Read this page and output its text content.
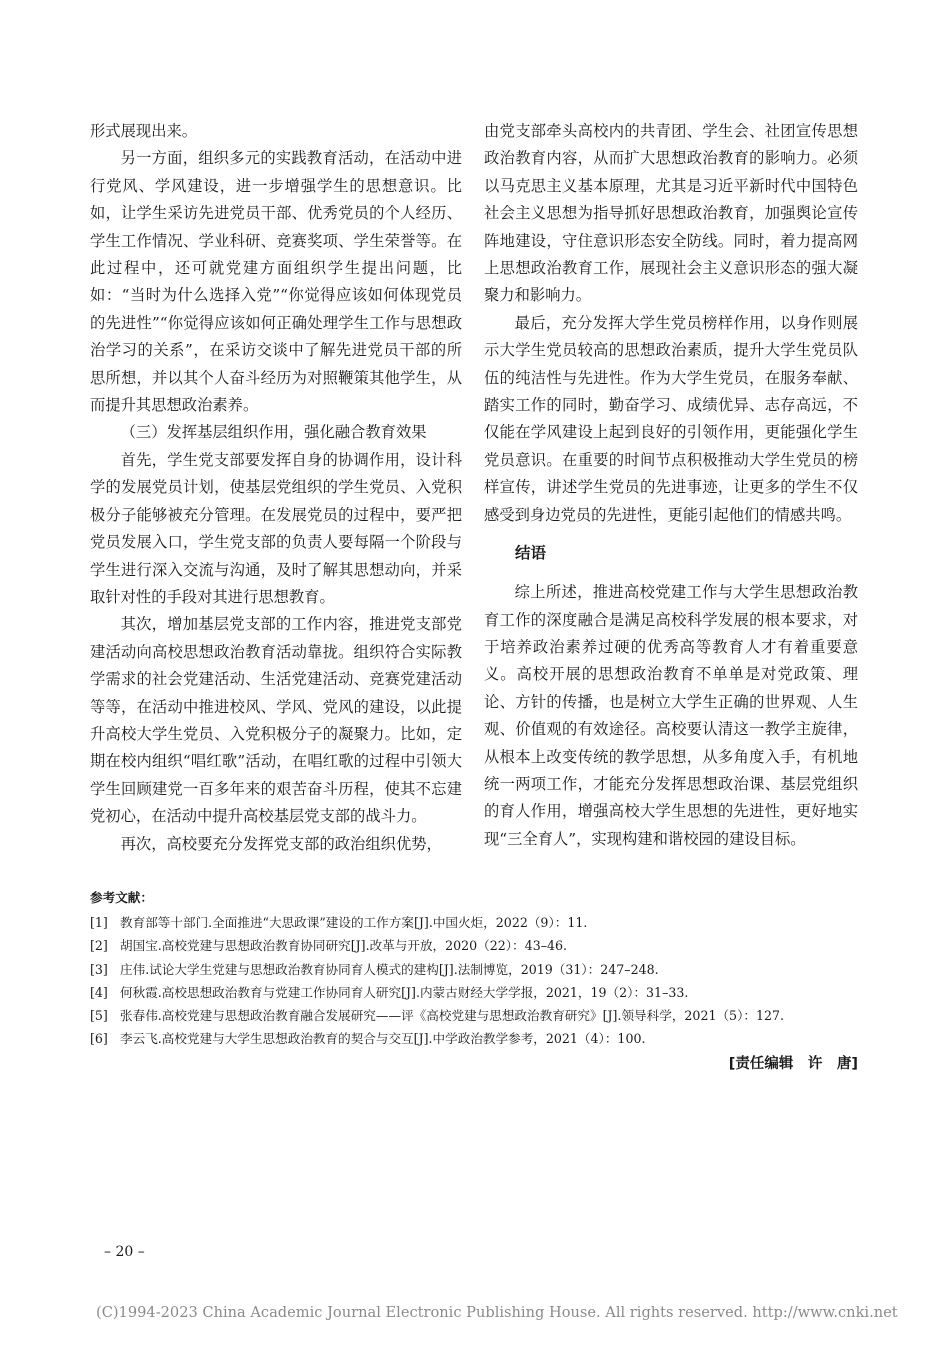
形式展现出来。

另一方面，组织多元的实践教育活动，在活动中进行党风、学风建设，进一步增强学生的思想意识。比如，让学生采访先进党员干部、优秀党员的个人经历、学生工作情况、学业科研、竞赛奖项、学生荣誉等。在此过程中，还可就党建方面组织学生提出问题，比如：“当时为什么选择入党”“你觉得应该如何体现党员的先进性”“你觉得应该如何正确处理学生工作与思想政治学习的关系”，在采访交谈中了解先进党员干部的所思所想，并以其个人奋斗经历为对照鞭策其他学生，从而提升其思想政治素养。

（三）发挥基层组织作用，强化融合教育效果

首先，学生党支部要发挥自身的协调作用，设计科学的发展党员计划，使基层党组织的学生党员、入党积极分子能够被充分管理。在发展党员的过程中，要严把党员发展入口，学生党支部的负责人要每隔一个阶段与学生进行深入交流与沟通，及时了解其思想动向，并采取针对性的手段对其进行思想教育。

其次，增加基层党支部的工作内容，推进党支部党建活动向高校思想政治教育活动靠拢。组织符合实际教学需求的社会党建活动、生活党建活动、竞赛党建活动等等，在活动中推进校风、学风、党风的建设，以此提升高校大学生党员、入党积极分子的凝聚力。比如，定期在校内组织“唱红歌”活动，在唱红歌的过程中引领大学生回顾建党一百多年来的艰苦奋斗历程，使其不忘建党初心，在活动中提升高校基层党支部的战斗力。

再次，高校要充分发挥党支部的政治组织优势，

由党支部牵头高校内的共青团、学生会、社团宣传思想政治教育内容，从而扩大思想政治教育的影响力。必须以马克思主义基本原理，尤其是习近平新时代中国特色社会主义思想为指导抓好思想政治教育，加强舆论宣传阵地建设，守住意识形态安全防线。同时，着力提高网上思想政治教育工作，展现社会主义意识形态的强大凝聚力和影响力。

最后，充分发挥大学生党员榜样作用，以身作则展示大学生党员较高的思想政治素质，提升大学生党员队伍的纯洁性与先进性。作为大学生党员，在服务奉献、踏实工作的同时，勤奋学习、成绩优异、志存高远，不仅能在学风建设上起到良好的引领作用，更能强化学生党员意识。在重要的时间节点积极推动大学生党员的榜样宣传，讲述学生党员的先进事迹，让更多的学生不仅感受到身边党员的先进性，更能引起他们的情感共鸣。

结语

综上所述，推进高校党建工作与大学生思想政治教育工作的深度融合是满足高校科学发展的根本要求，对于培养政治素养过硬的优秀高等教育人才有着重要意义。高校开展的思想政治教育不单单是对党政策、理论、方针的传播，也是树立大学生正确的世界观、人生观、价值观的有效途径。高校要认清这一教学主旋律，从根本上改变传统的教学思想，从多角度入手，有机地统一两项工作，才能充分发挥思想政治课、基层党组织的育人作用，增强高校大学生思想的先进性，更好地实现“三全育人”，实现构建和谐校园的建设目标。

参考文献：
[1] 教育部等十部门.全面推进“大思政课”建设的工作方案[J].中国火炬，2022（9）：11.
[2] 胡国宝.高校党建与思想政治教育协同研究[J].改革与开放，2020（22）：43–46.
[3] 庄伟.试论大学生党建与思想政治教育协同育人模式的建构[J].法制博览，2019（31）：247–248.
[4] 何秋霞.高校思想政治教育与党建工作协同育人研究[J].内蒙古财经大学学报，2021，19（2）：31–33.
[5] 张春伟.高校党建与思想政治教育融合发展研究——评《高校党建与思想政治教育研究》[J].领导科学，2021（5）：127.
[6] 李云飞.高校党建与大学生思想政治教育的契合与交互[J].中学政治教学参考，2021（4）：100.
[责任编辑　许　唐]
– 20 –
(C)1994-2023 China Academic Journal Electronic Publishing House. All rights reserved. http://www.cnki.net
